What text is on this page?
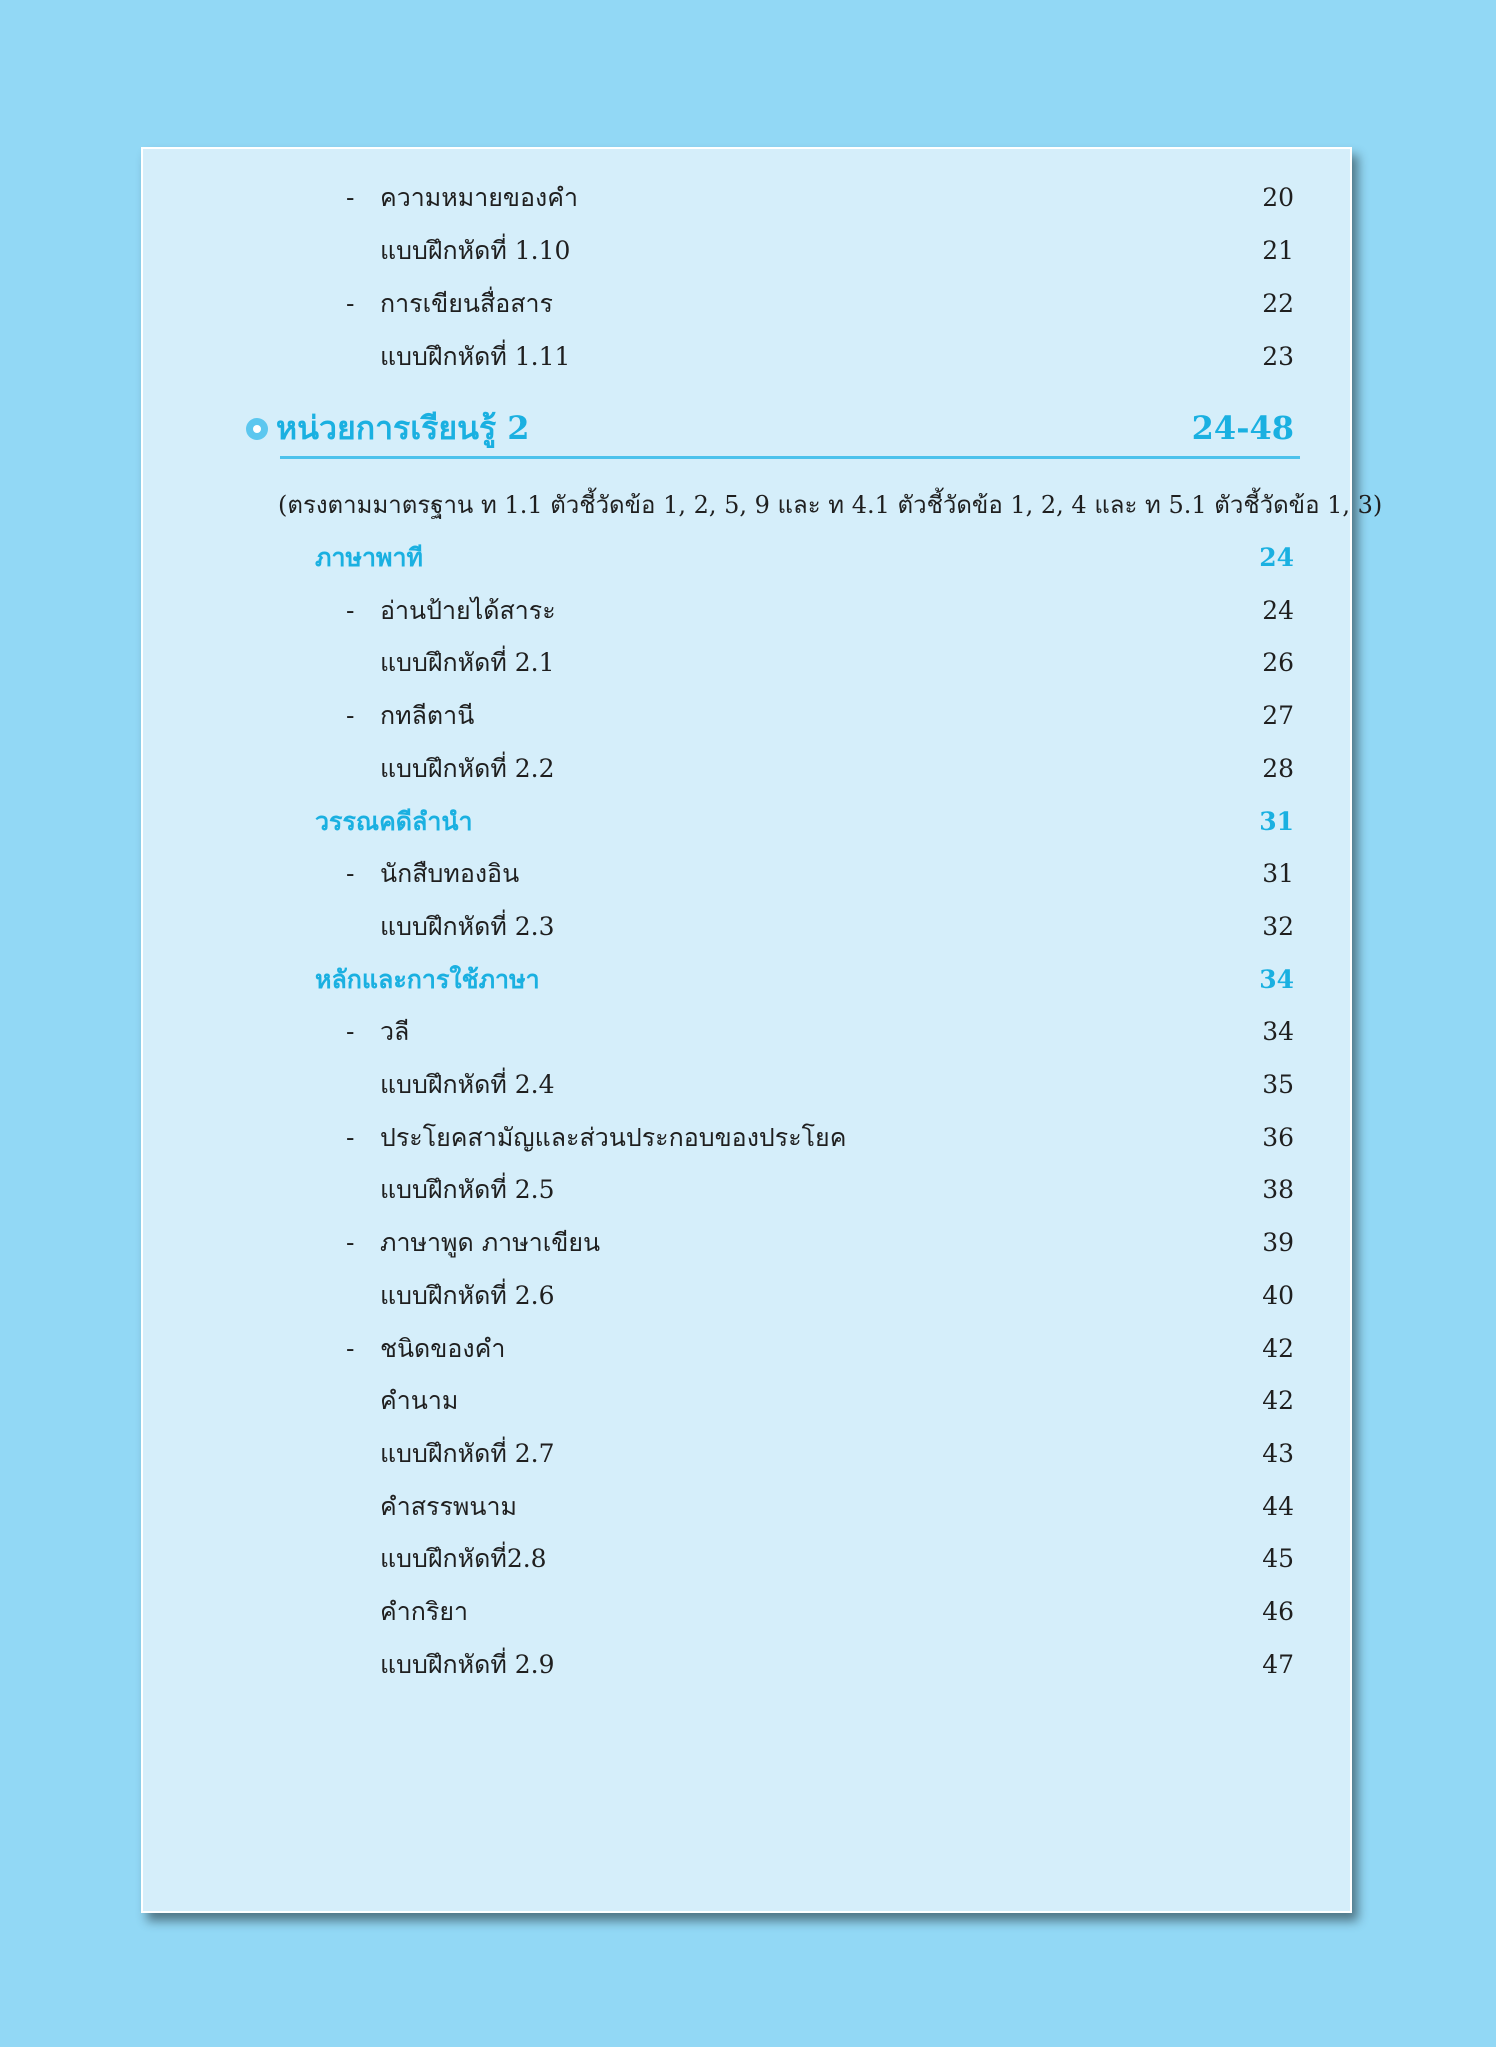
- ความหมายของคำ	20
แบบฝึกหัดที่ 1.10	21
- การเขียนสื่อสาร	22
แบบฝึกหัดที่ 1.11	23
หน่วยการเรียนรู้ 2	24-48
(ตรงตามมาตรฐาน ท 1.1 ตัวชี้วัดข้อ 1, 2, 5, 9 และ ท 4.1 ตัวชี้วัดข้อ 1, 2, 4 และ ท 5.1 ตัวชี้วัดข้อ 1, 3)
ภาษาพาที	24
- อ่านป้ายได้สาระ	24
แบบฝึกหัดที่ 2.1	26
- กทลีตานี	27
แบบฝึกหัดที่ 2.2	28
วรรณคดีลำนำ	31
- นักสืบทองอิน	31
แบบฝึกหัดที่ 2.3	32
หลักและการใช้ภาษา	34
- วลี	34
แบบฝึกหัดที่ 2.4	35
- ประโยคสามัญและส่วนประกอบของประโยค	36
แบบฝึกหัดที่ 2.5	38
- ภาษาพูด ภาษาเขียน	39
แบบฝึกหัดที่ 2.6	40
- ชนิดของคำ	42
คำนาม	42
แบบฝึกหัดที่ 2.7	43
คำสรรพนาม	44
แบบฝึกหัดที่2.8	45
คำกริยา	46
แบบฝึกหัดที่ 2.9	47
